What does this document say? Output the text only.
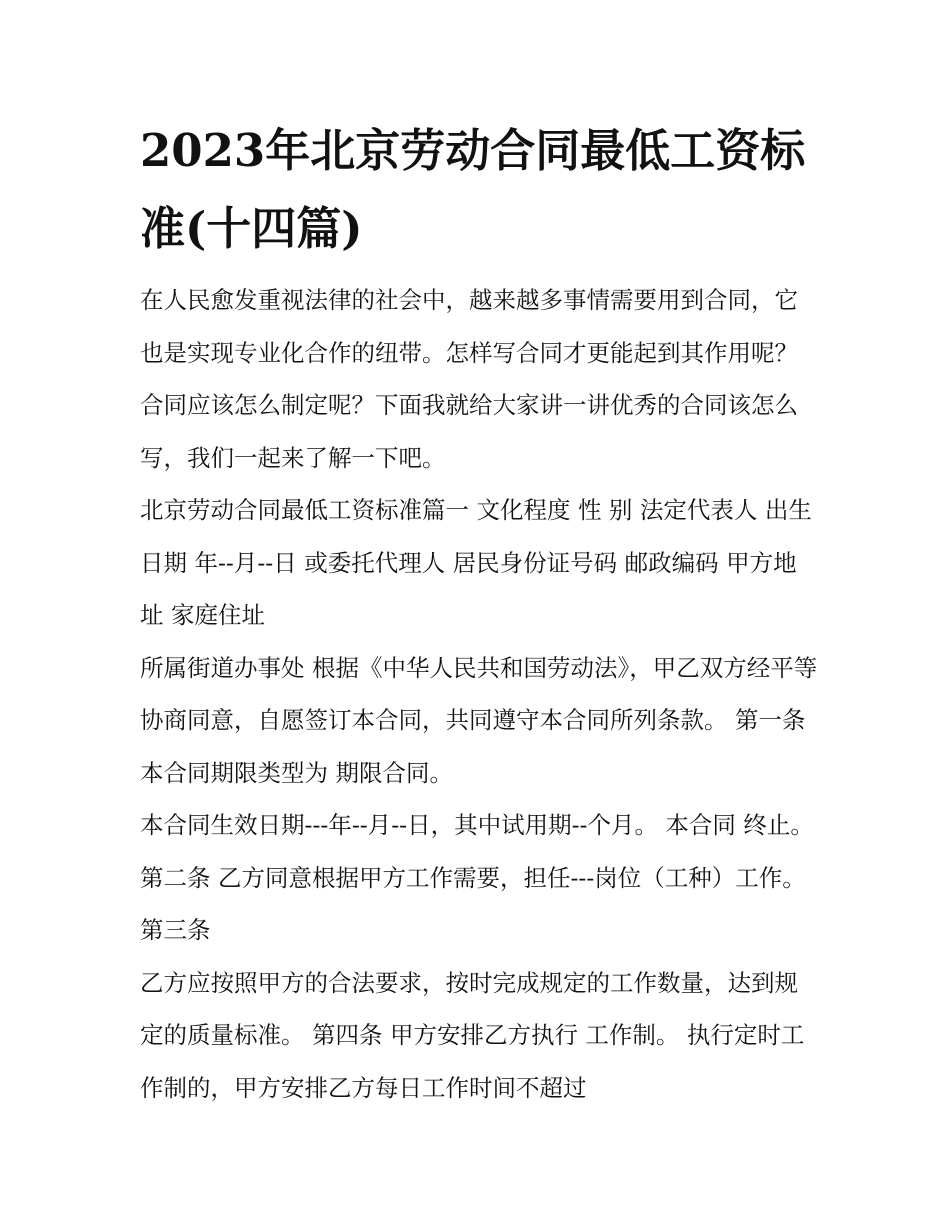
2023年北京劳动合同最低工资标准(十四篇)

在人民愈发重视法律的社会中，越来越多事情需要用到合同，它也是实现专业化合作的纽带。怎样写合同才更能起到其作用呢？合同应该怎么制定呢？下面我就给大家讲一讲优秀的合同该怎么写，我们一起来了解一下吧。

北京劳动合同最低工资标准篇一 文化程度 性 别 法定代表人 出生日期 年--月--日 或委托代理人 居民身份证号码 邮政编码 甲方地址 家庭住址

所属街道办事处 根据《中华人民共和国劳动法》，甲乙双方经平等协商同意，自愿签订本合同，共同遵守本合同所列条款。 第一条 本合同期限类型为 期限合同。

本合同生效日期---年--月--日，其中试用期--个月。 本合同 终止。 第二条 乙方同意根据甲方工作需要，担任---岗位（工种）工作。 第三条

乙方应按照甲方的合法要求，按时完成规定的工作数量，达到规定的质量标准。 第四条 甲方安排乙方执行 工作制。 执行定时工作制的，甲方安排乙方每日工作时间不超过
